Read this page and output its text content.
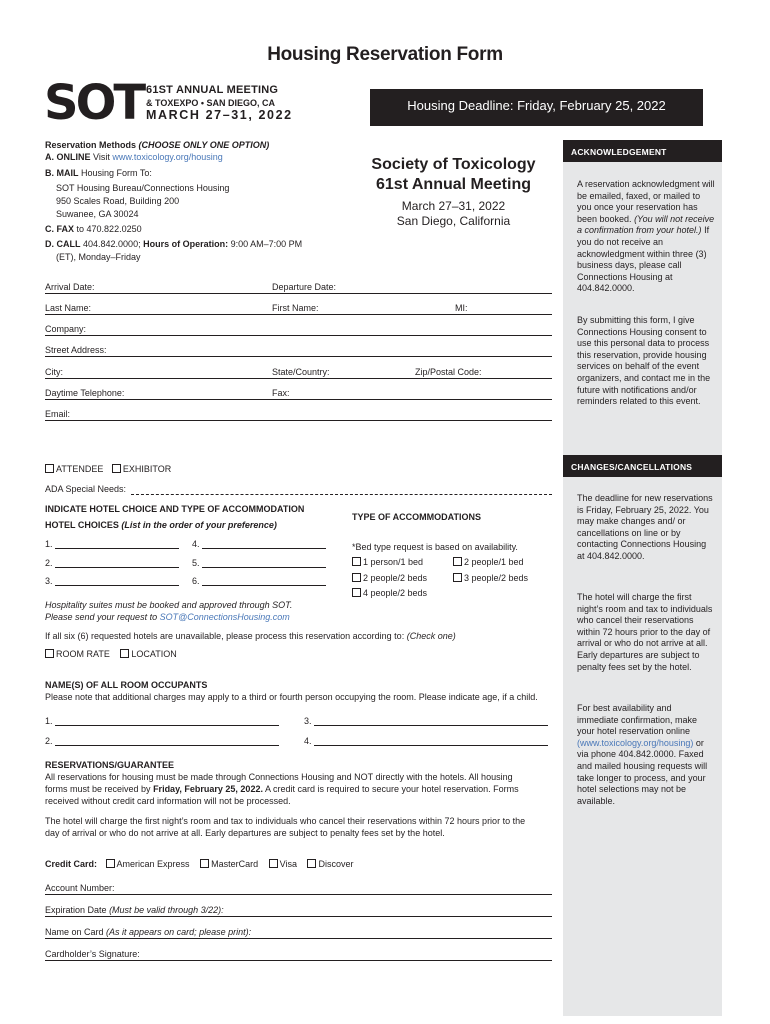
Housing Reservation Form
SOT 61ST ANNUAL MEETING
& TOXEXPO • SAN DIEGO, CA
MARCH 27–31, 2022
Housing Deadline: Friday, February 25, 2022
ACKNOWLEDGEMENT
A reservation acknowledgment will be emailed, faxed, or mailed to you once your reservation has been booked. (You will not receive a confirmation from your hotel.) If you do not receive an acknowledgment within three (3) business days, please call Connections Housing at 404.842.0000.
By submitting this form, I give Connections Housing consent to use this personal data to process this reservation, provide housing services on behalf of the event organizers, and contact me in the future with notifications and/or reminders related to this event.
CHANGES/CANCELLATIONS
The deadline for new reservations is Friday, February 25, 2022. You may make changes and/ or cancellations on line or by contacting Connections Housing at 404.842.0000.
The hotel will charge the first night’s room and tax to individuals who cancel their reservations within 72 hours prior to the day of arrival or who do not arrive at all. Early departures are subject to penalty fees set by the hotel.
For best availability and immediate confirmation, make your hotel reservation online (www.toxicology.org/housing) or via phone 404.842.0000. Faxed and mailed housing requests will take longer to process, and your hotel selections may not be available.
Reservation Methods (CHOOSE ONLY ONE OPTION)
A. ONLINE Visit www.toxicology.org/housing
B. MAIL Housing Form To:
SOT Housing Bureau/Connections Housing
950 Scales Road, Building 200
Suwanee, GA 30024
C. FAX to 470.822.0250
D. CALL 404.842.0000; Hours of Operation: 9:00 AM–7:00 PM
(ET), Monday–Friday
Society of Toxicology
61st Annual Meeting
March 27–31, 2022
San Diego, California
Arrival Date:	Departure Date:
Last Name:	First Name:	MI:
Company:
Street Address:
City:	State/Country:	Zip/Postal Code:
Daytime Telephone:	Fax:
Email:
ATTENDEE EXHIBITOR
ADA Special Needs:
INDICATE HOTEL CHOICE AND TYPE OF ACCOMMODATION
HOTEL CHOICES (List in the order of your preference)
1.
2.
3.
4.
5.
6.
TYPE OF ACCOMMODATIONS
*Bed type request is based on availability.
1 person/1 bed	2 people/1 bed
2 people/2 beds	3 people/2 beds
4 people/2 beds
Hospitality suites must be booked and approved through SOT.
Please send your request to SOT@ConnectionsHousing.com
If all six (6) requested hotels are unavailable, please process this reservation according to: (Check one)
ROOM RATE LOCATION
NAME(S) OF ALL ROOM OCCUPANTS
Please note that additional charges may apply to a third or fourth person occupying the room. Please indicate age, if a child.
1.
2.
3.
4.
RESERVATIONS/GUARANTEE
All reservations for housing must be made through Connections Housing and NOT directly with the hotels. All housing
forms must be received by Friday, February 25, 2022. A credit card is required to secure your hotel reservation. Forms
received without credit card information will not be processed.
The hotel will charge the first night’s room and tax to individuals who cancel their reservations within 72 hours prior to the
day of arrival or who do not arrive at all. Early departures are subject to penalty fees set by the hotel.
Credit Card: American Express MasterCard Visa Discover
Account Number:
Expiration Date (Must be valid through 3/22):
Name on Card (As it appears on card; please print):
Cardholder’s Signature:
